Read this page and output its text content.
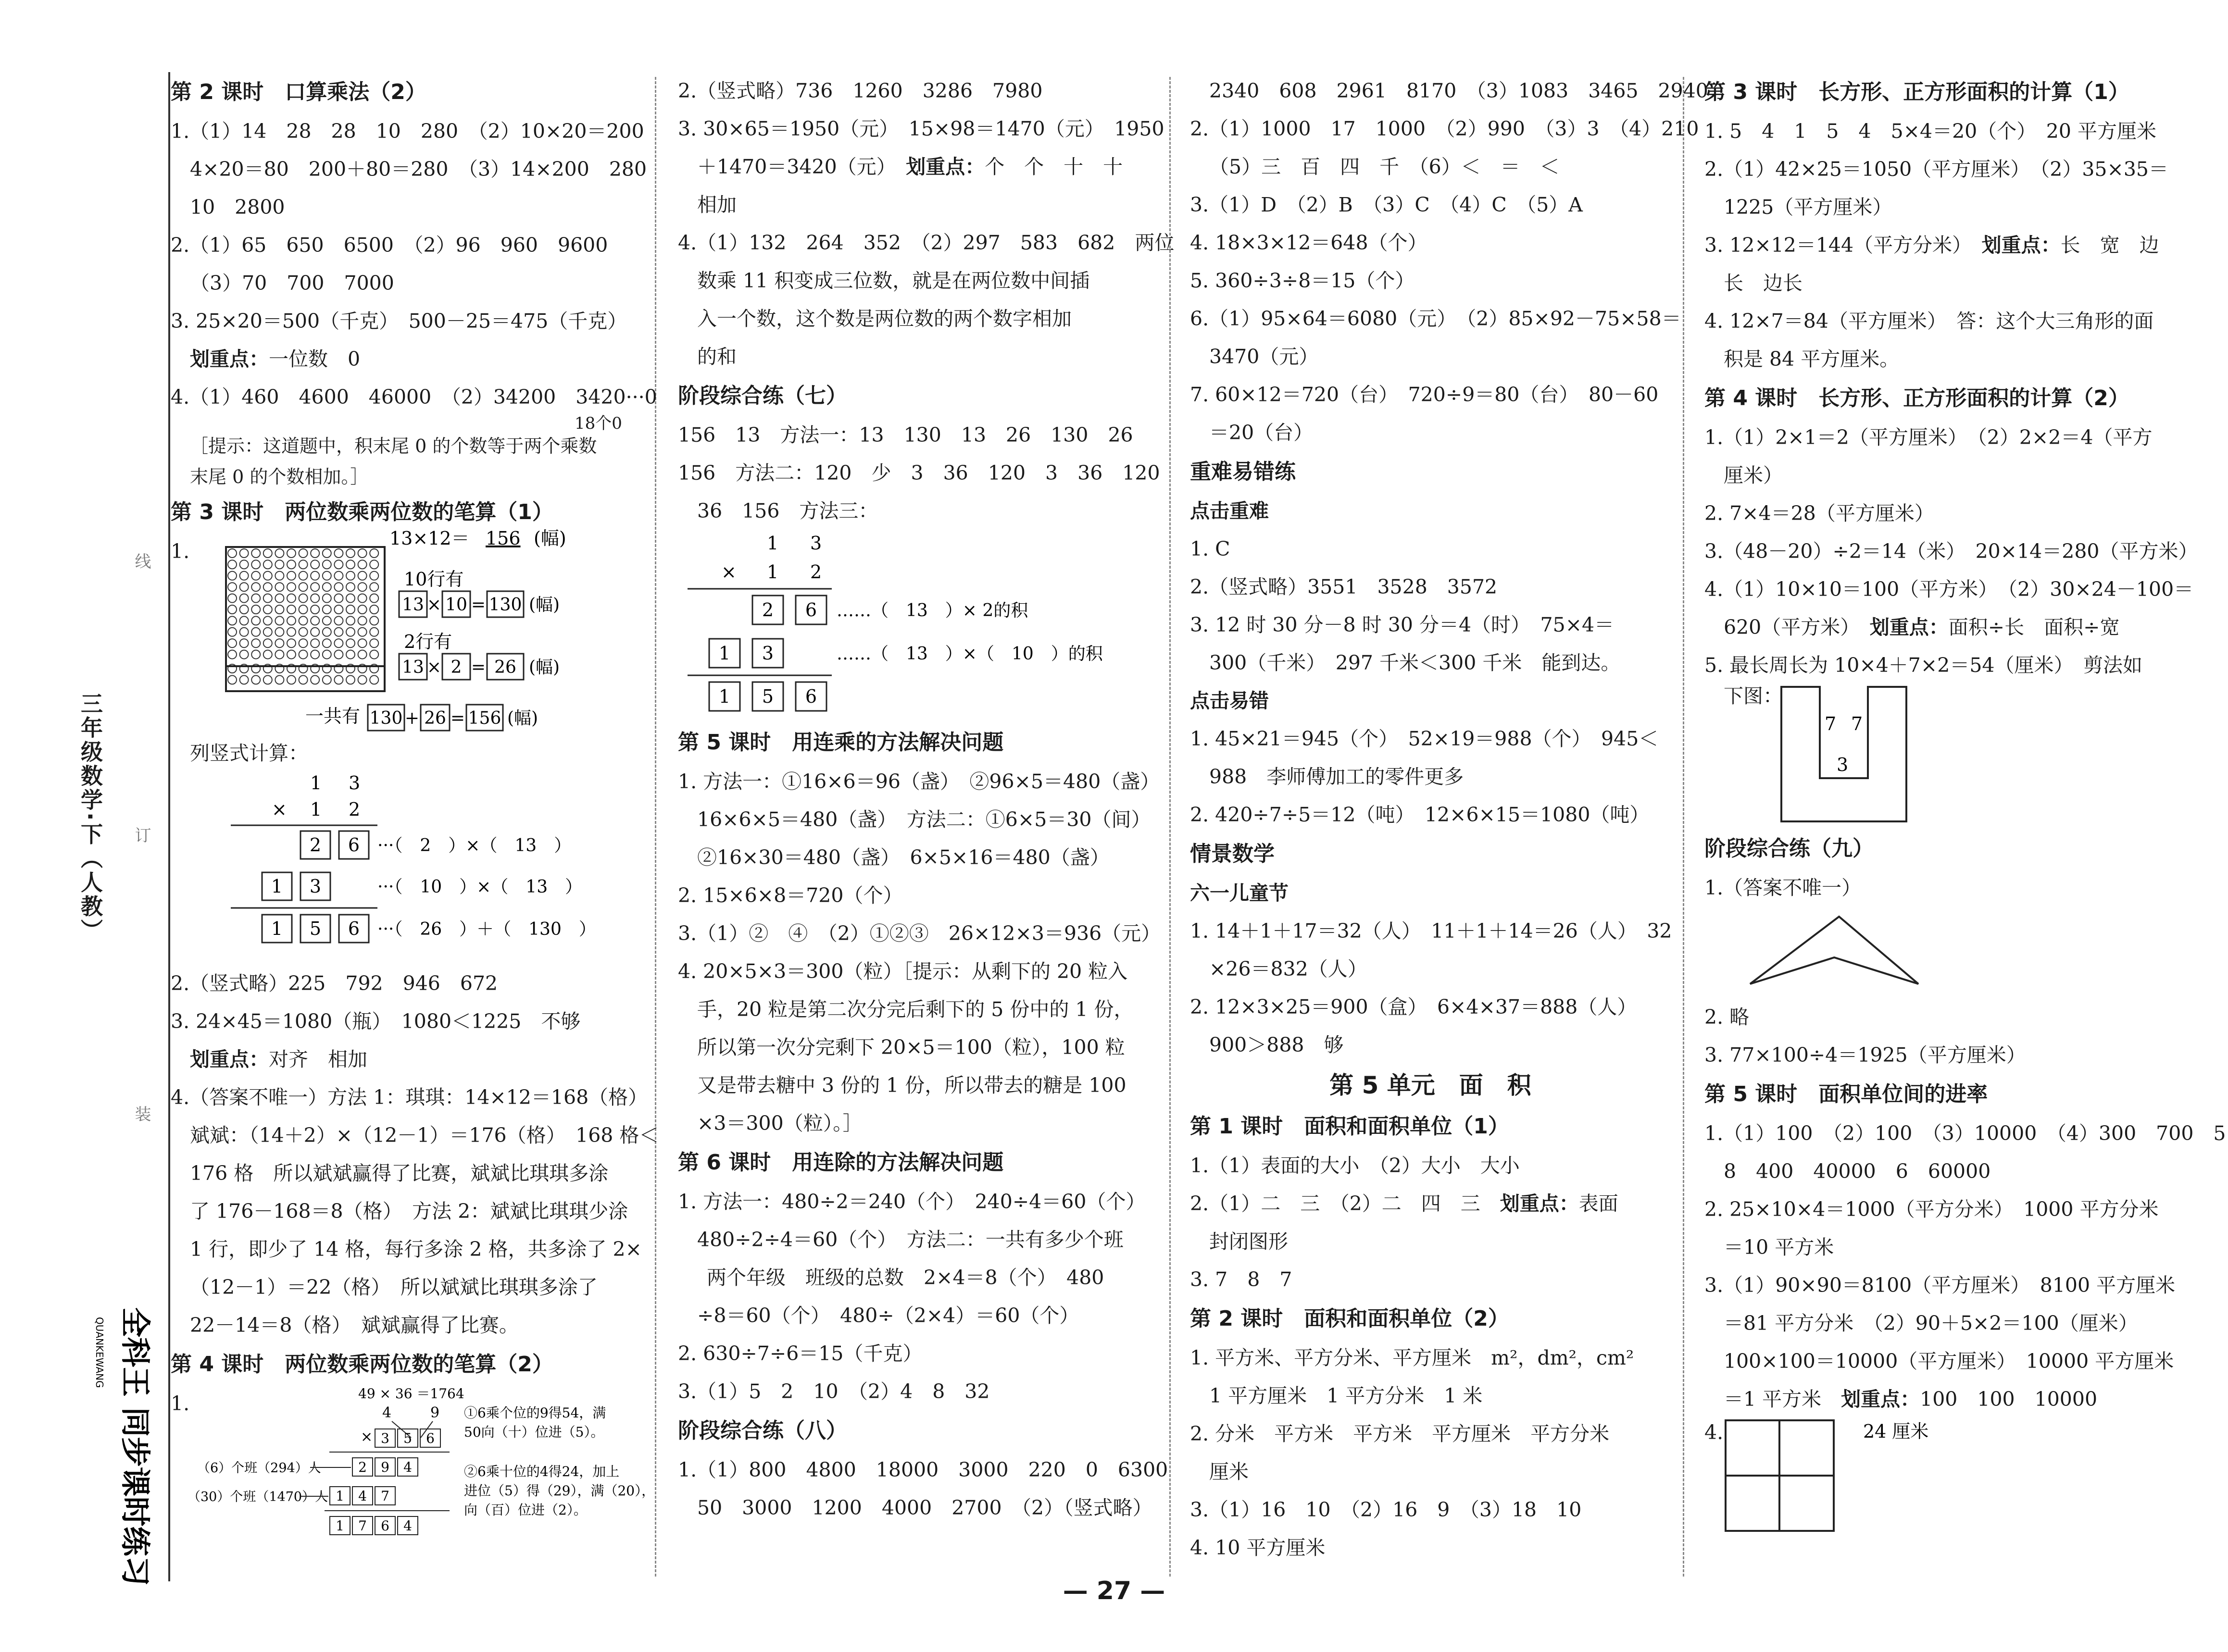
三年级数学·下（人教）
线
订
装
QUANKEWANG 全科王 同步课时练习
第 2 课时　口算乘法（2）

1.（1）14　28　28　10　280　（2）10×20＝200

4×20＝80　200＋80＝280　（3）14×200　280

10　2800

2.（1）65　650　6500　（2）96　960　9600

（3）70　700　7000

3. 25×20＝500（千克）　500－25＝475（千克）

划重点：一位数　0

4.（1）460　4600　46000　（2）34200　3420···0

18个0

［提示：这道题中，积末尾 0 的个数等于两个乘数

末尾 0 的个数相加。］

第 3 课时　两位数乘两位数的笔算（1）

1.

13×12＝ 156 (幅)
10行有
13 × 10 = 130 (幅)
2行有
13 × 2 = 26 (幅)
一共有 130 + 26 = 156 (幅)

列竖式计算：

1 3
× 1 2
2 6 ···（　2　）×（　13　）
1 3	···（　10　）×（　13　）
1 5 6 ···（　26　）＋（　130　）

2.（竖式略）225　792　946　672

3. 24×45＝1080（瓶）　1080＜1225　不够

划重点：对齐　相加

4.（答案不唯一）方法 1：琪琪：14×12＝168（格）

斌斌：（14＋2）×（12－1）＝176（格）　168 格＜

176 格　所以斌斌赢得了比赛，斌斌比琪琪多涂

了 176－168＝8（格）　方法 2：斌斌比琪琪少涂

1 行，即少了 14 格，每行多涂 2 格，共多涂了 2×

（12－1）＝22（格）　所以斌斌比琪琪多涂了

22－14＝8（格）　斌斌赢得了比赛。

第 4 课时　两位数乘两位数的笔算（2）

1.	49 × 36 ＝1764
4	9
× 3 5 6
①6乘个位的9得54，满
50向（十）位进（5）。
（6）个班（294）人	2 9 4	②6乘十位的4得24，加上
进位（5）得（29），满（20），
向（百）位进（2）。
（30）个班（1470）人 1 4 7
1 7 6 4

2.（竖式略）736　1260　3286　7980

3. 30×65＝1950（元）　15×98＝1470（元）　1950

＋1470＝3420（元）　划重点：个　个　十　十

相加

4.（1）132　264　352　（2）297　583　682　两位

数乘 11 积变成三位数，就是在两位数中间插

入一个数，这个数是两位数的两个数字相加

的和

阶段综合练（七）

156　13　方法一：13　130　13　26　130　26

156　方法二：120　少　3　36　120　3　36　120

36　156　方法三：

1 3
× 1 2
2 6 ……（　13　）× 2的积
1 3	……（　13　）×（　10　）的积
1 5 6
第 5 课时　用连乘的方法解决问题

1. 方法一：①16×6＝96（盏）　②96×5＝480（盏）

16×6×5＝480（盏）　方法二：①6×5＝30（间）

②16×30＝480（盏）　6×5×16＝480（盏）

2. 15×6×8＝720（个）

3.（1）②　④　（2）①②③　26×12×3＝936（元）

4. 20×5×3＝300（粒）［提示：从剩下的 20 粒入

手，20 粒是第二次分完后剩下的 5 份中的 1 份，

所以第一次分完剩下 20×5＝100（粒），100 粒

又是带去糖中 3 份的 1 份，所以带去的糖是 100

×3＝300（粒）。］

第 6 课时　用连除的方法解决问题

1. 方法一：480÷2＝240（个）　240÷4＝60（个）

480÷2÷4＝60（个）　方法二：一共有多少个班

两个年级　班级的总数　2×4＝8（个）　480

÷8＝60（个）　480÷（2×4）＝60（个）

2. 630÷7÷6＝15（千克）

3.（1）5　2　10　（2）4　8　32

阶段综合练（八）

1.（1）800　4800　18000　3000　220　0　6300

50　3000　1200　4000　2700　（2）（竖式略）

2340　608　2961　8170　（3）1083　3465　2940

2.（1）1000　17　1000　（2）990　（3）3　（4）210

（5）三　百　四　千　（6）＜　＝　＜

3.（1）D　（2）B　（3）C　（4）C　（5）A

4. 18×3×12＝648（个）

5. 360÷3÷8＝15（个）

6.（1）95×64＝6080（元）　（2）85×92－75×58＝

3470（元）

7. 60×12＝720（台）　720÷9＝80（台）　80－60

＝20（台）

重难易错练
点击重难

1. C

2.（竖式略）3551　3528　3572

3. 12 时 30 分－8 时 30 分＝4（时）　75×4＝

300（千米）　297 千米＜300 千米　能到达。

点击易错

1. 45×21＝945（个）　52×19＝988（个）　945＜

988　李师傅加工的零件更多

2. 420÷7÷5＝12（吨）　12×6×15＝1080（吨）

情景数学
六一儿童节

1. 14＋1＋17＝32（人）　11＋1＋14＝26（人）　32

×26＝832（人）

2. 12×3×25＝900（盒）　6×4×37＝888（人）

900＞888　够

第 5 单元　面　积
第 1 课时　面积和面积单位（1）

1.（1）表面的大小　（2）大小　大小

2.（1）二　三　（2）二　四　三　划重点：表面

封闭图形

3. 7　8　7

第 2 课时　面积和面积单位（2）

1. 平方米、平方分米、平方厘米　m²，dm²，cm²

1 平方厘米　1 平方分米　1 米

2. 分米　平方米　平方米　平方厘米　平方分米

厘米

3.（1）16　10　（2）16　9　（3）18　10

4. 10 平方厘米

第 3 课时　长方形、正方形面积的计算（1）

1. 5　4　1　5　4　5×4＝20（个）　20 平方厘米

2.（1）42×25＝1050（平方厘米）　（2）35×35＝

1225（平方厘米）

3. 12×12＝144（平方分米）　划重点：长　宽　边

长　边长

4. 12×7＝84（平方厘米）　答：这个大三角形的面

积是 84 平方厘米。

第 4 课时　长方形、正方形面积的计算（2）

1.（1）2×1＝2（平方厘米）　（2）2×2＝4（平方

厘米）

2. 7×4＝28（平方厘米）

3.（48－20）÷2＝14（米）　20×14＝280（平方米）

4.（1）10×10＝100（平方米）　（2）30×24－100＝

620（平方米）　划重点：面积÷长　面积÷宽

5. 最长周长为 10×4＋7×2＝54（厘米）　剪法如

下图：

7 7
3
阶段综合练（九）

1.（答案不唯一）

2. 略

3. 77×100÷4＝1925（平方厘米）

第 5 课时　面积单位间的进率

1.（1）100　（2）100　（3）10000　（4）300　700　5

8　400　40000　6　60000

2. 25×10×4＝1000（平方分米）　1000 平方分米

＝10 平方米

3.（1）90×90＝8100（平方厘米）　8100 平方厘米

＝81 平方分米　（2）90＋5×2＝100（厘米）

100×100＝10000（平方厘米）　10000 平方厘米

＝1 平方米　划重点：100　100　10000

4.	24 厘米
— 27 —
